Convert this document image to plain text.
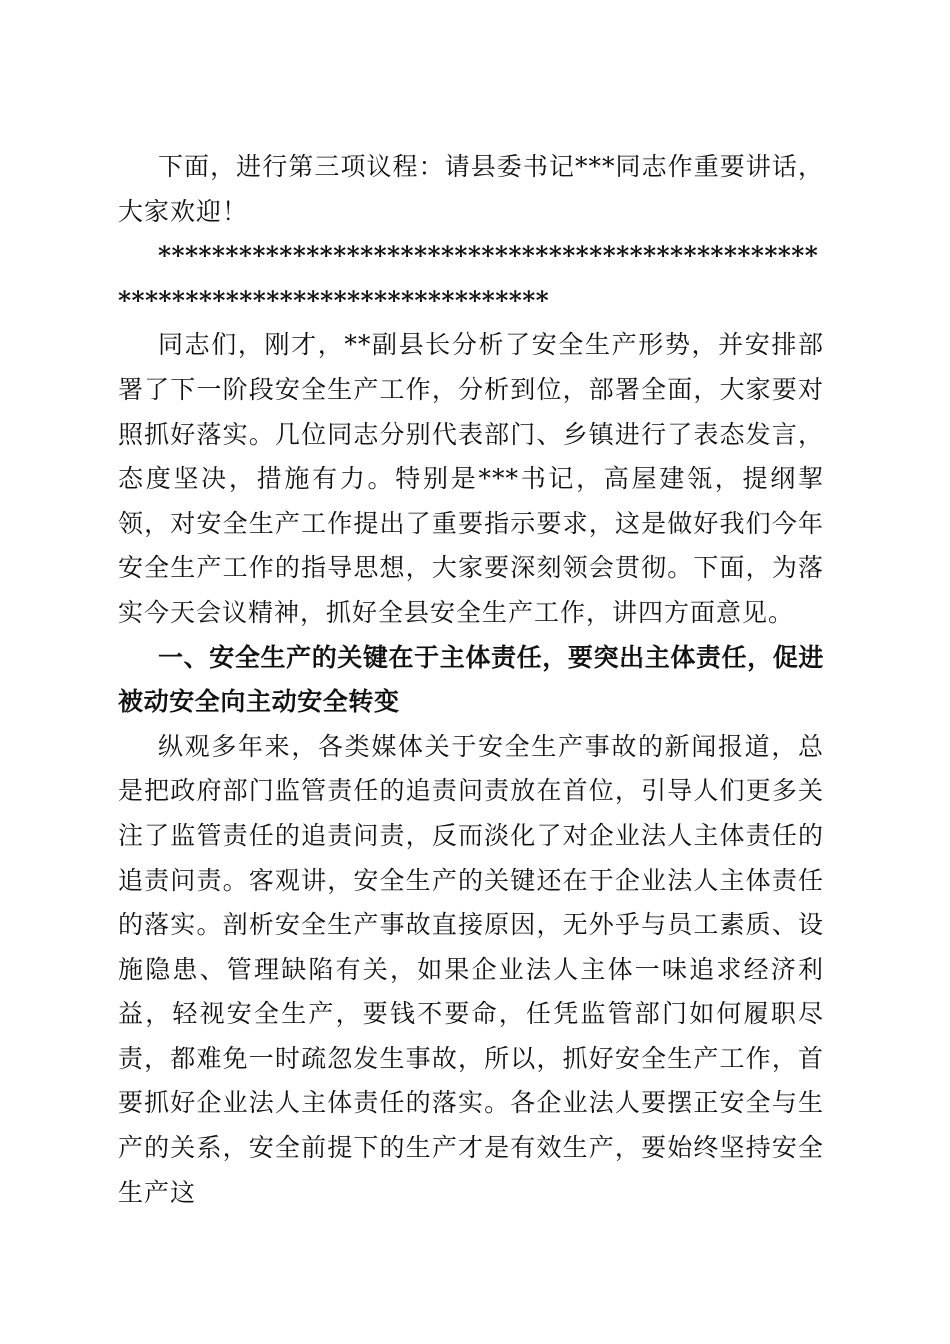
下面，进行第三项议程：请县委书记***同志作重要讲话，大家欢迎！

*********************************************************************************

同志们，刚才，**副县长分析了安全生产形势，并安排部署了下一阶段安全生产工作，分析到位，部署全面，大家要对照抓好落实。几位同志分别代表部门、乡镇进行了表态发言，态度坚决，措施有力。特别是***书记，高屋建瓴，提纲挈领，对安全生产工作提出了重要指示要求，这是做好我们今年安全生产工作的指导思想，大家要深刻领会贯彻。下面，为落实今天会议精神，抓好全县安全生产工作，讲四方面意见。

一、安全生产的关键在于主体责任，要突出主体责任，促进被动安全向主动安全转变

纵观多年来，各类媒体关于安全生产事故的新闻报道，总是把政府部门监管责任的追责问责放在首位，引导人们更多关注了监管责任的追责问责，反而淡化了对企业法人主体责任的追责问责。客观讲，安全生产的关键还在于企业法人主体责任的落实。剖析安全生产事故直接原因，无外乎与员工素质、设施隐患、管理缺陷有关，如果企业法人主体一味追求经济利益，轻视安全生产，要钱不要命，任凭监管部门如何履职尽责，都难免一时疏忽发生事故，所以，抓好安全生产工作，首要抓好企业法人主体责任的落实。各企业法人要摆正安全与生产的关系，安全前提下的生产才是有效生产，要始终坚持安全生产这
